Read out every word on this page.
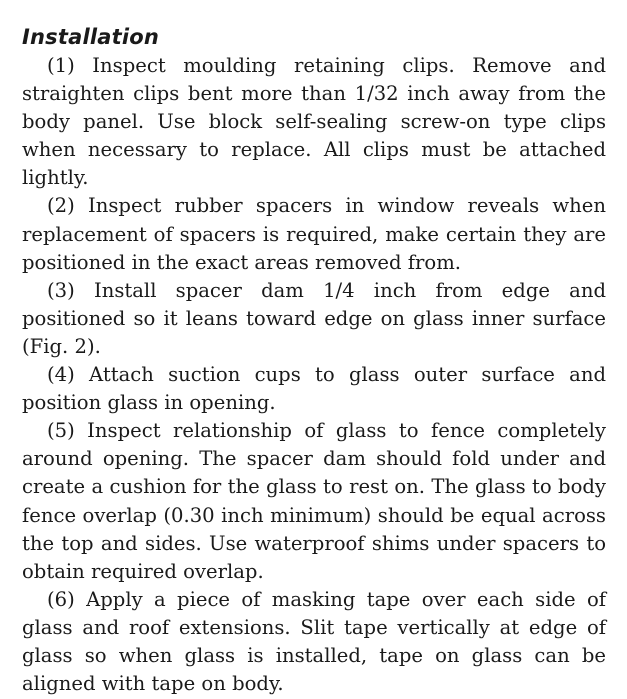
Installation

(1) Inspect moulding retaining clips. Remove and straighten clips bent more than 1/32 inch away from the body panel. Use block self-sealing screw-on type clips when necessary to replace. All clips must be attached lightly.

(2) Inspect rubber spacers in window reveals when replacement of spacers is required, make certain they are positioned in the exact areas removed from.

(3) Install spacer dam 1/4 inch from edge and positioned so it leans toward edge on glass inner surface (Fig. 2).

(4) Attach suction cups to glass outer surface and position glass in opening.

(5) Inspect relationship of glass to fence completely around opening. The spacer dam should fold under and create a cushion for the glass to rest on. The glass to body fence overlap (0.30 inch minimum) should be equal across the top and sides. Use waterproof shims under spacers to obtain required overlap.

(6) Apply a piece of masking tape over each side of glass and roof extensions. Slit tape vertically at edge of glass so when glass is installed, tape on glass can be aligned with tape on body.
